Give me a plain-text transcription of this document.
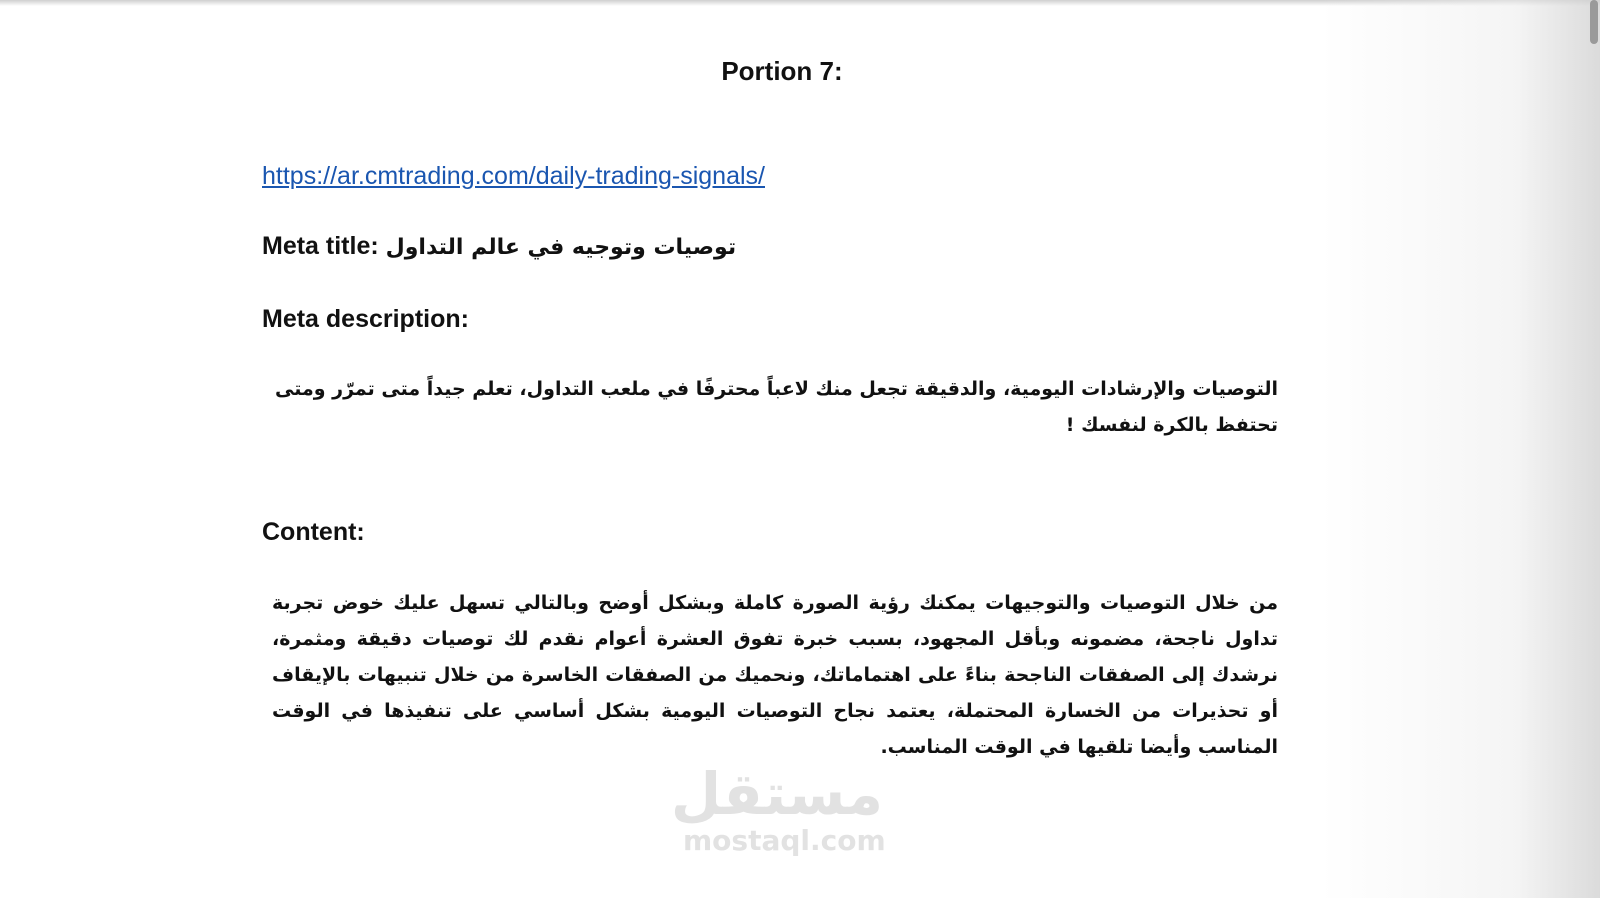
Portion 7:
https://ar.cmtrading.com/daily-trading-signals/
Meta title: توصيات وتوجيه في عالم التداول
Meta description:
التوصيات والإرشادات اليومية، والدقيقة تجعل منك لاعباً محترفًا في ملعب التداول، تعلم جيداً متى تمرّر ومتى تحتفظ بالكرة لنفسك !
Content:
من خلال التوصيات والتوجيهات يمكنك رؤية الصورة كاملة وبشكل أوضح وبالتالي تسهل عليك خوض تجربة تداول ناجحة، مضمونه وبأقل المجهود، بسبب خبرة تفوق العشرة أعوام نقدم لك توصيات دقيقة ومثمرة، نرشدك إلى الصفقات الناجحة بناءً على اهتماماتك، ونحميك من الصفقات الخاسرة من خلال تنبيهات بالإيقاف أو تحذيرات من الخسارة المحتملة، يعتمد نجاح التوصيات اليومية بشكل أساسي على تنفيذها في الوقت المناسب وأيضا تلقيها في الوقت المناسب.
مستقل
mostaql.com
